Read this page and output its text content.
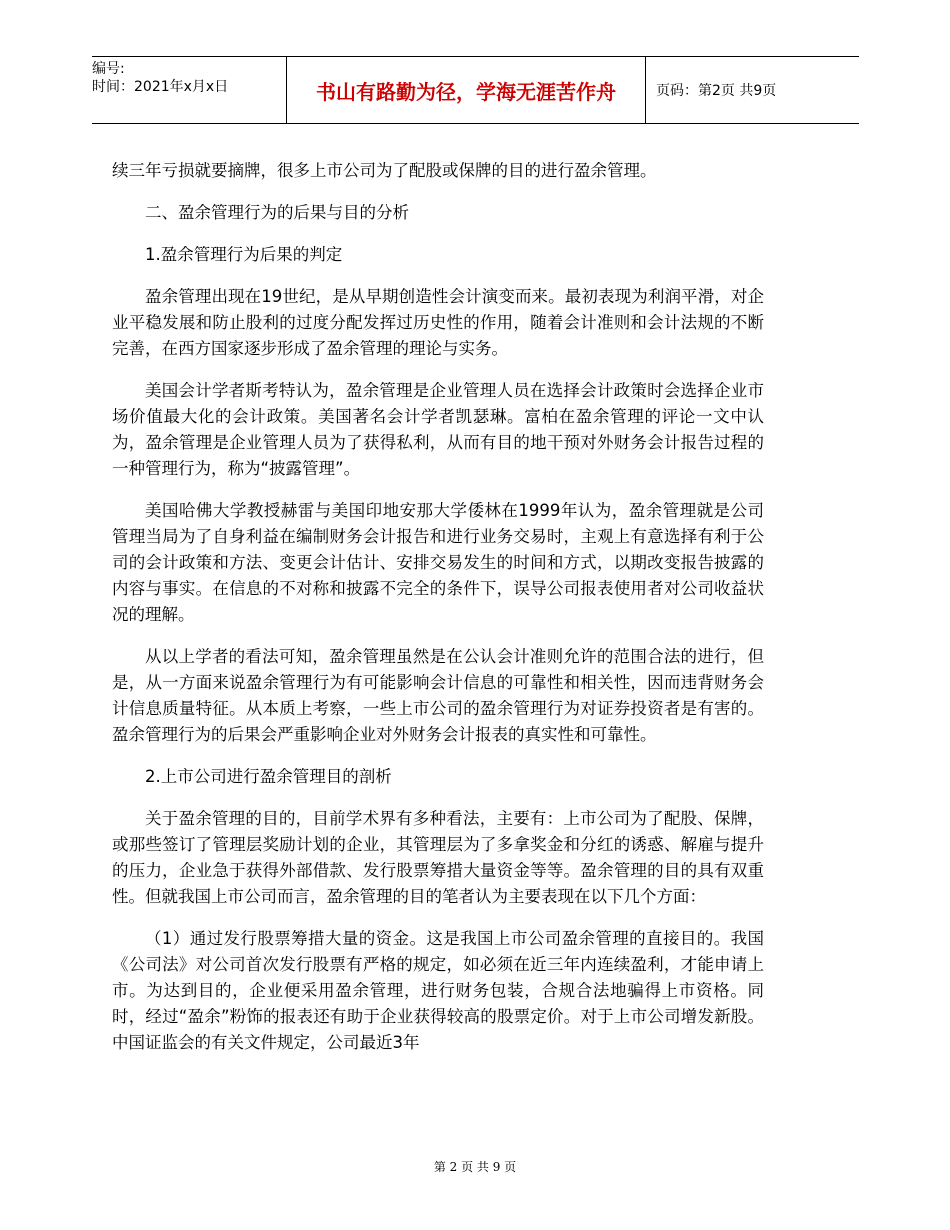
编号:
时间：2021年x月x日	书山有路勤为径，学海无涯苦作舟	页码：第2页 共9页

续三年亏损就要摘牌，很多上市公司为了配股或保牌的目的进行盈余管理。

二、盈余管理行为的后果与目的分析

1.盈余管理行为后果的判定

盈余管理出现在19世纪，是从早期创造性会计演变而来。最初表现为利润平滑，对企业平稳发展和防止股利的过度分配发挥过历史性的作用，随着会计准则和会计法规的不断完善，在西方国家逐步形成了盈余管理的理论与实务。

美国会计学者斯考特认为，盈余管理是企业管理人员在选择会计政策时会选择企业市场价值最大化的会计政策。美国著名会计学者凯瑟琳。富柏在盈余管理的评论一文中认为，盈余管理是企业管理人员为了获得私利，从而有目的地干预对外财务会计报告过程的一种管理行为，称为“披露管理”。

美国哈佛大学教授赫雷与美国印地安那大学倭林在1999年认为，盈余管理就是公司管理当局为了自身利益在编制财务会计报告和进行业务交易时，主观上有意选择有利于公司的会计政策和方法、变更会计估计、安排交易发生的时间和方式，以期改变报告披露的内容与事实。在信息的不对称和披露不完全的条件下，误导公司报表使用者对公司收益状况的理解。

从以上学者的看法可知，盈余管理虽然是在公认会计准则允许的范围合法的进行，但是，从一方面来说盈余管理行为有可能影响会计信息的可靠性和相关性，因而违背财务会计信息质量特征。从本质上考察，一些上市公司的盈余管理行为对证券投资者是有害的。盈余管理行为的后果会严重影响企业对外财务会计报表的真实性和可靠性。

2.上市公司进行盈余管理目的剖析

关于盈余管理的目的，目前学术界有多种看法，主要有：上市公司为了配股、保牌，或那些签订了管理层奖励计划的企业，其管理层为了多拿奖金和分红的诱惑、解雇与提升的压力，企业急于获得外部借款、发行股票筹措大量资金等等。盈余管理的目的具有双重性。但就我国上市公司而言，盈余管理的目的笔者认为主要表现在以下几个方面：

（1）通过发行股票筹措大量的资金。这是我国上市公司盈余管理的直接目的。我国《公司法》对公司首次发行股票有严格的规定，如必须在近三年内连续盈利，才能申请上市。为达到目的，企业便采用盈余管理，进行财务包装，合规合法地骗得上市资格。同时，经过“盈余”粉饰的报表还有助于企业获得较高的股票定价。对于上市公司增发新股。中国证监会的有关文件规定，公司最近3年

第 2 页 共 9 页
